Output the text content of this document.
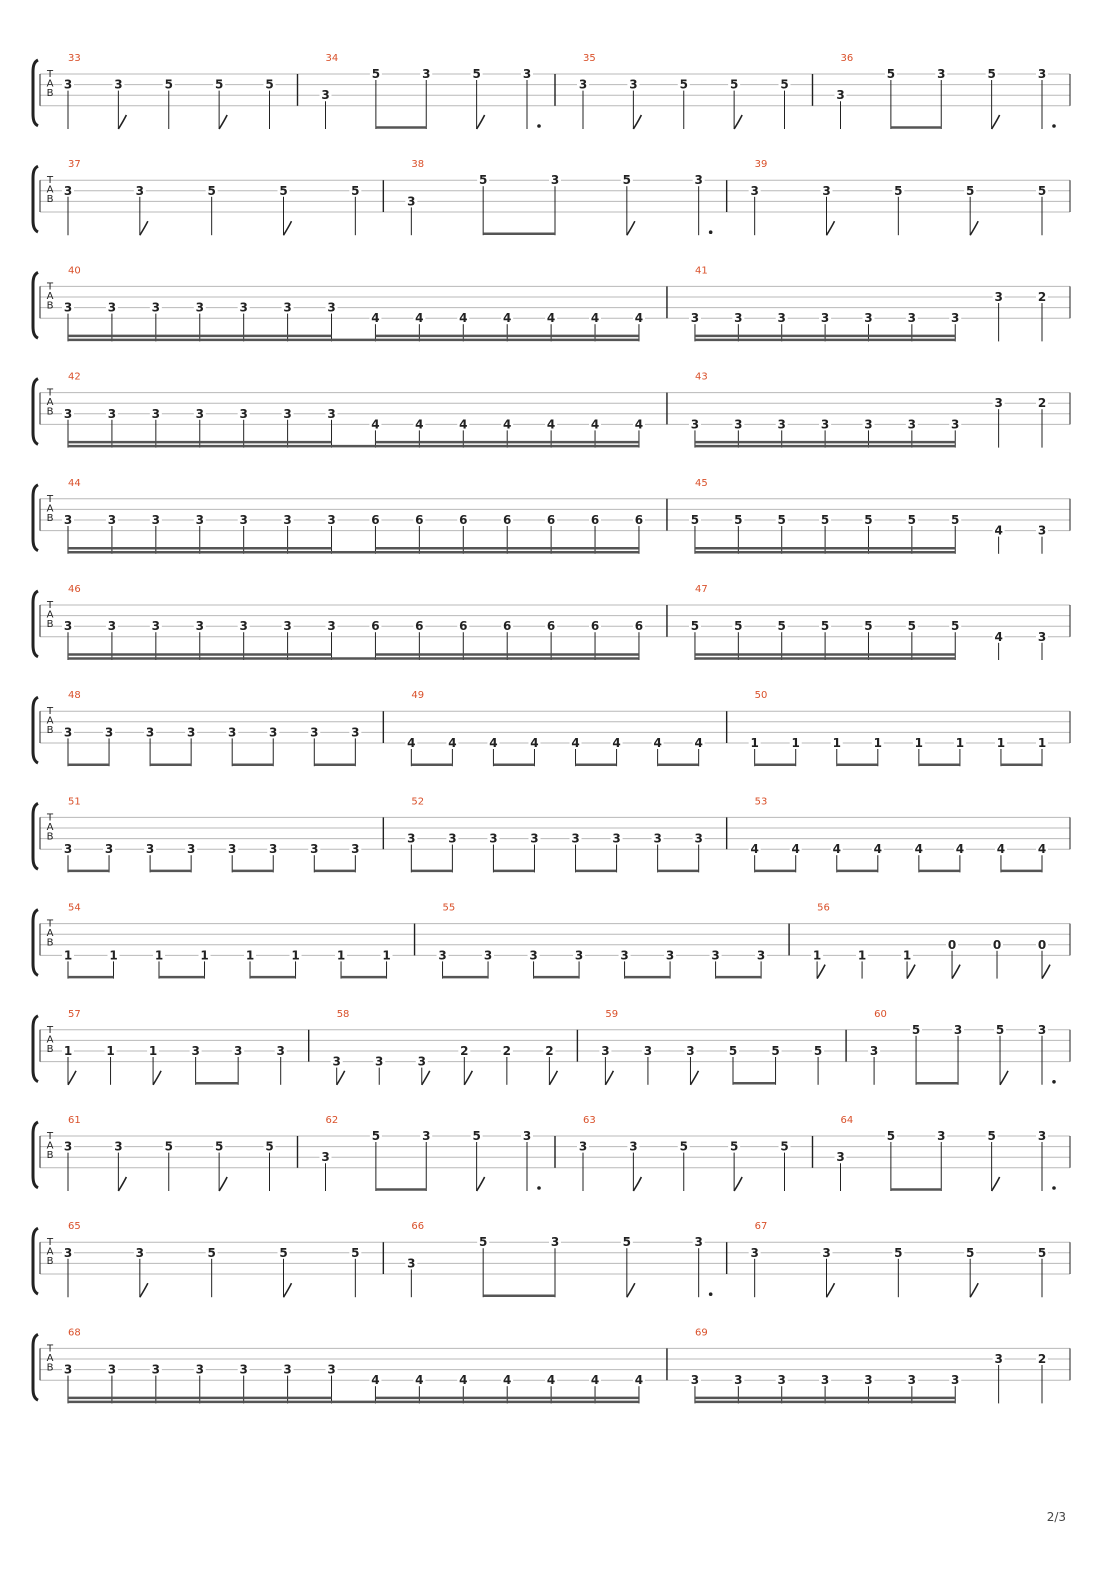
T
A
B
33
3	3	5	5	5
34
3
5	3	5	3
35
3	3	5	5	5
36
3
5	3	5	3
T
A
B
37
3	3	5	5	5
38
3
5	3	5	3
39
3	3	5	5	5
T
A
B
40
3	3	3	3	3	3	3
4	4	4	4	4	4	4
41
3	3	3	3	3	3	3
3	2
T
A
B
42
3	3	3	3	3	3	3
4	4	4	4	4	4	4
43
3	3	3	3	3	3	3
3	2
T
A
B
44
3	3	3	3	3	3	3	6	6	6	6	6	6	6
45
5	5	5	5	5	5	5
4	3
T
A
B
46
3	3	3	3	3	3	3	6	6	6	6	6	6	6
47
5	5	5	5	5	5	5
4	3
T
A
B
48
3	3	3	3	3	3	3	3
49
4	4	4	4	4	4	4	4
50
1	1	1	1	1	1	1	1
T
A
B
51
3	3	3	3	3	3	3	3
52
3	3	3	3	3	3	3	3
53
4	4	4	4	4	4	4	4
T
A
B
54
1	1	1	1	1	1	1	1
55
3	3	3	3	3	3	3	3
56
1	1	1
0	0	0
T
A
B
57
1	1	1	3	3	3
58
3	3	3
2	2	2
59
3	3	3	5	5	5
60
3
5	3	5	3
T
A
B
61
3	3	5	5	5
62
3
5	3	5	3
63
3	3	5	5	5
64
3
5	3	5	3
T
A
B
65
3	3	5	5	5
66
3
5	3	5	3
67
3	3	5	5	5
T
A
B
68
3	3	3	3	3	3	3
4	4	4	4	4	4	4
69
3	3	3	3	3	3	3
3	2
2/3
